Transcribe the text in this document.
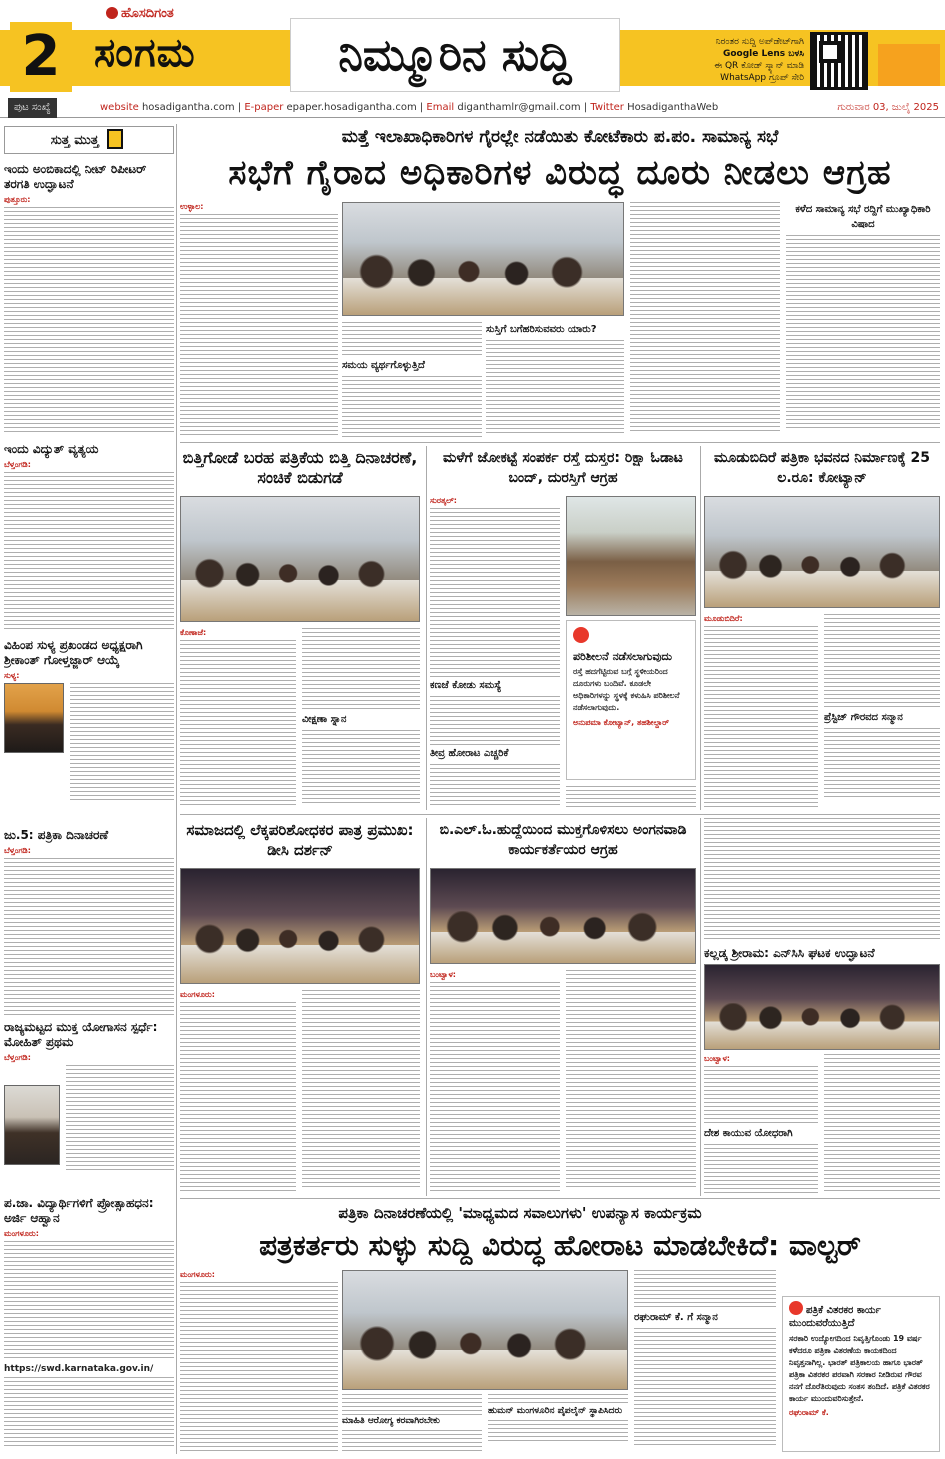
2
ಹೊಸದಿಗಂತ
ಸಂಗಮ	ನಿಮ್ಮೂರಿನ ಸುದ್ದಿ	ನಿರಂತರ ಸುದ್ದಿ ಅಪ್‌ಡೇಟ್‌ಗಾಗಿ
Google Lens ಬಳಸಿ
ಈ QR ಕೋಡ್ ಸ್ಕ್ಯಾನ್ ಮಾಡಿ
WhatsApp ಗ್ರೂಪ್ ಸೇರಿ
ಪುಟ ಸಂಖ್ಯೆ	website hosadigantha.com | E-paper epaper.hosadigantha.com | Email diganthamlr@gmail.com | Twitter HosadiganthaWeb	ಗುರುವಾರ 03, ಜುಲೈ 2025
ಸುತ್ತ ಮುತ್ತ
ಇಂದು ಅಂಬಿಕಾದಲ್ಲಿ ನೀಟ್ ರಿಪೀಟರ್ ತರಗತಿ ಉದ್ಘಾಟನೆ
ಪುತ್ತೂರು:
ಇಂದು ವಿದ್ಯುತ್ ವ್ಯತ್ಯಯ
ಬೆಳ್ತಂಗಡಿ:
ವಿಹಿಂಪ ಸುಳ್ಯ ಪ್ರಖಂಡದ ಅಧ್ಯಕ್ಷರಾಗಿ ಶ್ರೀಕಾಂತ್ ಗೋಳ್ತಜ್ಜಾರ್ ಆಯ್ಕೆ
ಸುಳ್ಯ:
ಜು.5: ಪತ್ರಿಕಾ ದಿನಾಚರಣೆ
ಬೆಳ್ತಂಗಡಿ:
ರಾಜ್ಯಮಟ್ಟದ ಮುಕ್ತ ಯೋಗಾಸನ ಸ್ಪರ್ಧೆ: ಮೋಹಿತ್ ಪ್ರಥಮ
ಬೆಳ್ತಂಗಡಿ:
ಪ.ಜಾ. ವಿದ್ಯಾರ್ಥಿಗಳಿಗೆ ಪ್ರೋತ್ಸಾಹಧನ: ಅರ್ಜಿ ಆಹ್ವಾನ
ಮಂಗಳೂರು:
https://swd.karnataka.gov.in/
ಮತ್ತೆ ಇಲಾಖಾಧಿಕಾರಿಗಳ ಗೈರಲ್ಲೇ ನಡೆಯಿತು ಕೋಟೆಕಾರು ಪ.ಪಂ. ಸಾಮಾನ್ಯ ಸಭೆ
ಸಭೆಗೆ ಗೈರಾದ ಅಧಿಕಾರಿಗಳ ವಿರುದ್ಧ ದೂರು ನೀಡಲು ಆಗ್ರಹ
ಉಳ್ಳಾಲ:
ಸಮಯ ವ್ಯರ್ಥಗೊಳ್ಳುತ್ತಿದೆ
ಸುಸ್ತಿಗೆ ಬಗೆಹರಿಸುವವರು ಯಾರು?
ಕಳೆದ ಸಾಮಾನ್ಯ ಸಭೆ ರದ್ದಿಗೆ ಮುಖ್ಯಾಧಿಕಾರಿ ವಿಷಾದ
ಬಿತ್ತಿಗೋಡೆ ಬರಹ ಪತ್ರಿಕೆಯ ಬಿತ್ತಿ ದಿನಾಚರಣೆ, ಸಂಚಿಕೆ ಬಿಡುಗಡೆ
ಕೊಣಾಜೆ:
ವೀಕ್ಷಣಾ ಸ್ನಾನ
ಮಳೆಗೆ ಜೋಕಟ್ಟೆ ಸಂಪರ್ಕ ರಸ್ತೆ ದುಸ್ತರ: ರಿಕ್ಷಾ ಓಡಾಟ ಬಂದ್, ದುರಸ್ತಿಗೆ ಆಗ್ರಹ
ಸುರತ್ಕಲ್:
ಕಣಜೆ ಕೋಡು ಸಮಸ್ಯೆ
ತೀವ್ರ ಹೋರಾಟ ಎಚ್ಚರಿಕೆ
ಪರಿಶೀಲನೆ ನಡೆಸಲಾಗುವುದು
ರಸ್ತೆ ಹದಗೆಟ್ಟಿರುವ ಬಗ್ಗೆ ಸ್ಥಳೀಯರಿಂದ ದೂರುಗಳು ಬಂದಿವೆ. ಕೂಡಲೇ ಅಧಿಕಾರಿಗಳನ್ನು ಸ್ಥಳಕ್ಕೆ ಕಳುಹಿಸಿ ಪರಿಶೀಲನೆ ನಡೆಸಲಾಗುವುದು.
ಅನುಪಮಾ ಕೋಟ್ಯಾನ್, ತಹಶೀಲ್ದಾರ್
ಮೂಡುಬಿದಿರೆ ಪತ್ರಿಕಾ ಭವನದ ನಿರ್ಮಾಣಕ್ಕೆ 25 ಲ.ರೂ: ಕೋಟ್ಯಾನ್
ಮೂಡುಬಿದಿರೆ:
ಪ್ರೆಸ್ಟಿಜ್ ಗೌರವದ ಸನ್ಮಾನ
ಸಮಾಜದಲ್ಲಿ ಲೆಕ್ಕಪರಿಶೋಧಕರ ಪಾತ್ರ ಪ್ರಮುಖ: ಡೀಸಿ ದರ್ಶನ್
ಮಂಗಳೂರು:
ಬಿ.ಎಲ್.ಓ.ಹುದ್ದೆಯಿಂದ ಮುಕ್ತಗೊಳಿಸಲು ಅಂಗನವಾಡಿ ಕಾರ್ಯಕರ್ತೆಯರ ಆಗ್ರಹ
ಬಂಟ್ವಾಳ:
ಕಲ್ಲಡ್ಕ ಶ್ರೀರಾಮ: ಎನ್‌ಸಿಸಿ ಘಟಕ ಉದ್ಘಾಟನೆ
ಬಂಟ್ವಾಳ:
ದೇಶ ಕಾಯುವ ಯೋಧರಾಗಿ
ಪತ್ರಿಕಾ ದಿನಾಚರಣೆಯಲ್ಲಿ 'ಮಾಧ್ಯಮದ ಸವಾಲುಗಳು' ಉಪನ್ಯಾಸ ಕಾರ್ಯಕ್ರಮ
ಪತ್ರಕರ್ತರು ಸುಳ್ಳು ಸುದ್ದಿ ವಿರುದ್ಧ ಹೋರಾಟ ಮಾಡಬೇಕಿದೆ: ವಾಲ್ಟರ್
ಮಂಗಳೂರು:
ಮಾಹಿತಿ ಆರೋಗ್ಯ ಕರವಾಗಿರಬೇಕು
ಹುಮನ್ ಮಂಗಳೂರಿನ ಪೈಪಲೈನ್ ಸ್ಥಾಪಿಸಿದರು
ರಘುರಾಮ್ ಕೆ. ಗೆ ಸನ್ಮಾನ
ಪತ್ರಿಕೆ ವಿತರಕರ ಕಾರ್ಯ ಮುಂದುವರೆಯುತ್ತಿದೆ
ಸರಕಾರಿ ಉದ್ಯೋಗದಿಂದ ನಿವೃತ್ತಿಗೊಂಡು 19 ವರ್ಷ ಕಳೆದರೂ ಪತ್ರಿಕಾ ವಿತರಣೆಯ ಕಾಯಕದಿಂದ ನಿವೃತ್ತನಾಗಿಲ್ಲ. ಭಾರತ್ ಪತ್ರಿಕಾಲಯ ಹಾಗೂ ಭಾರತ್ ಪತ್ರಿಕಾ ವಿತರಕರ ಪರವಾಗಿ ಸರಕಾರ ನೀಡಿರುವ ಗೌರವ ನನಗೆ ದೊರೆತಿರುವುದು ಸಂತಸ ತಂದಿದೆ. ಪತ್ರಿಕೆ ವಿತರಕರ ಕಾರ್ಯ ಮುಂದುವರಿಸುತ್ತೇನೆ.
ರಘುರಾಮ್ ಕೆ.
